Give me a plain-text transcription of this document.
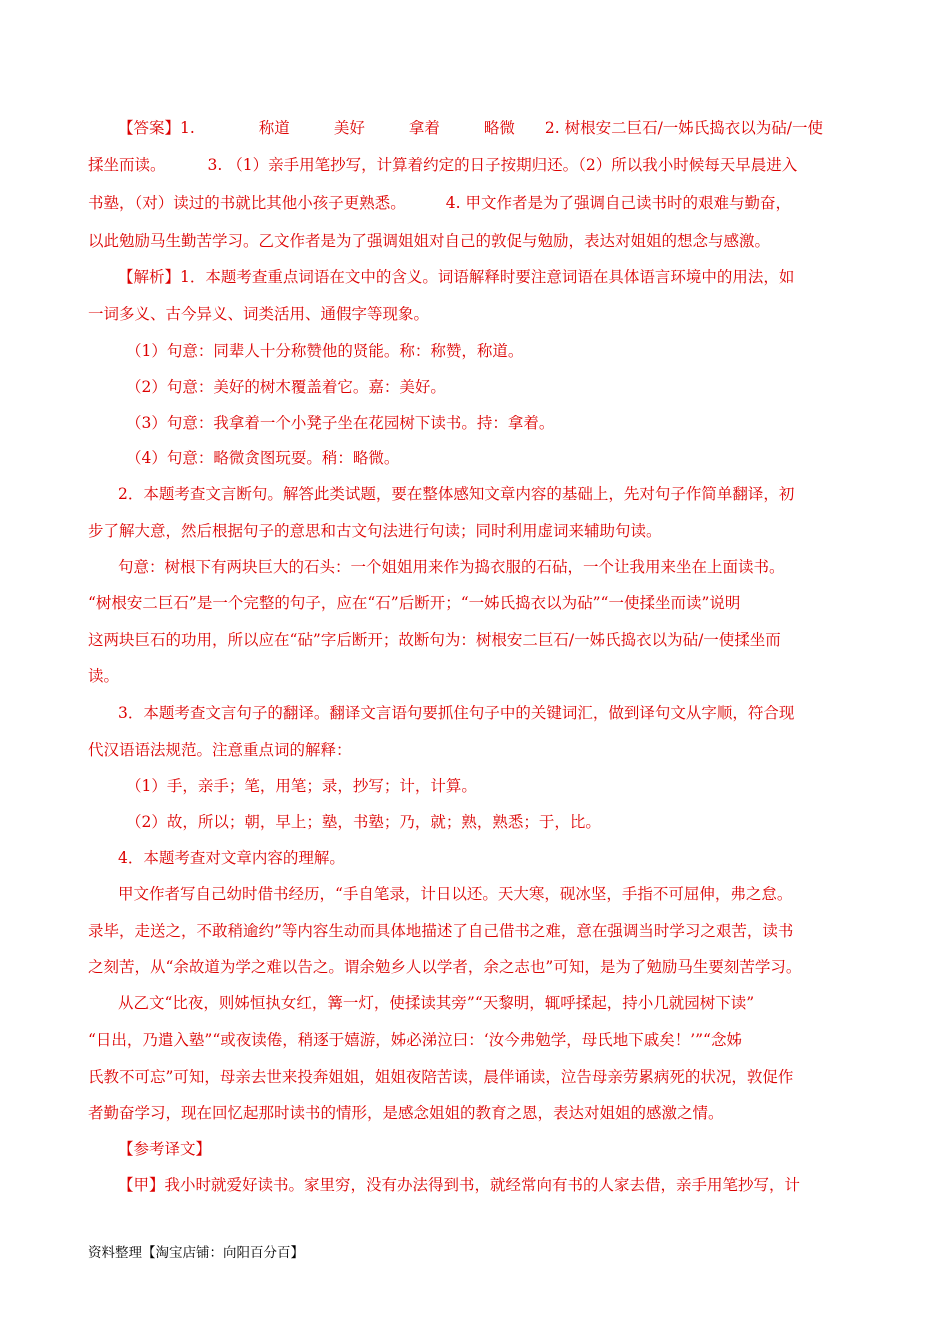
【答案】1.	称道	美好	拿着	略微 2. 树根安二巨石/一姊氏捣衣以为砧/一使
揉坐而读。	3. （1）亲手用笔抄写，计算着约定的日子按期归还。（2）所以我小时候每天早晨进入
书塾，（对）读过的书就比其他小孩子更熟悉。	4. 甲文作者是为了强调自己读书时的艰难与勤奋，
以此勉励马生勤苦学习。乙文作者是为了强调姐姐对自己的敦促与勉励，表达对姐姐的想念与感激。
【解析】1．本题考查重点词语在文中的含义。词语解释时要注意词语在具体语言环境中的用法，如
一词多义、古今异义、词类活用、通假字等现象。
（1）句意：同辈人十分称赞他的贤能。称：称赞，称道。
（2）句意：美好的树木覆盖着它。嘉：美好。
（3）句意：我拿着一个小凳子坐在花园树下读书。持：拿着。
（4）句意：略微贪图玩耍。稍：略微。
2．本题考查文言断句。解答此类试题，要在整体感知文章内容的基础上，先对句子作简单翻译，初
步了解大意，然后根据句子的意思和古文句法进行句读；同时利用虚词来辅助句读。
句意：树根下有两块巨大的石头：一个姐姐用来作为捣衣服的石砧，一个让我用来坐在上面读书。
“树根安二巨石”是一个完整的句子，应在“石”后断开；“一姊氏捣衣以为砧”“一使揉坐而读”说明
这两块巨石的功用，所以应在“砧”字后断开；故断句为：树根安二巨石/一姊氏捣衣以为砧/一使揉坐而
读。
3．本题考查文言句子的翻译。翻译文言语句要抓住句子中的关键词汇，做到译句文从字顺，符合现
代汉语语法规范。注意重点词的解释：
（1）手，亲手；笔，用笔；录，抄写；计，计算。
（2）故，所以；朝，早上；塾，书塾；乃，就；熟，熟悉；于，比。
4．本题考查对文章内容的理解。
甲文作者写自己幼时借书经历，“手自笔录，计日以还。天大寒，砚冰坚，手指不可屈伸，弗之怠。
录毕，走送之，不敢稍逾约”等内容生动而具体地描述了自己借书之难，意在强调当时学习之艰苦，读书
之刻苦，从“余故道为学之难以告之。谓余勉乡人以学者，余之志也”可知，是为了勉励马生要刻苦学习。
从乙文“比夜，则姊恒执女红，篝一灯，使揉读其旁”“天黎明，辄呼揉起，持小几就园树下读”
“日出，乃遣入塾”“或夜读倦，稍逐于嬉游，姊必涕泣曰：‘汝今弗勉学，母氏地下戚矣！’”“念姊
氏教不可忘”可知，母亲去世来投奔姐姐，姐姐夜陪苦读，晨伴诵读，泣告母亲劳累病死的状况，敦促作
者勤奋学习，现在回忆起那时读书的情形，是感念姐姐的教育之恩，表达对姐姐的感激之情。
【参考译文】
【甲】我小时就爱好读书。家里穷，没有办法得到书，就经常向有书的人家去借，亲手用笔抄写，计
资料整理【淘宝店铺：向阳百分百】
